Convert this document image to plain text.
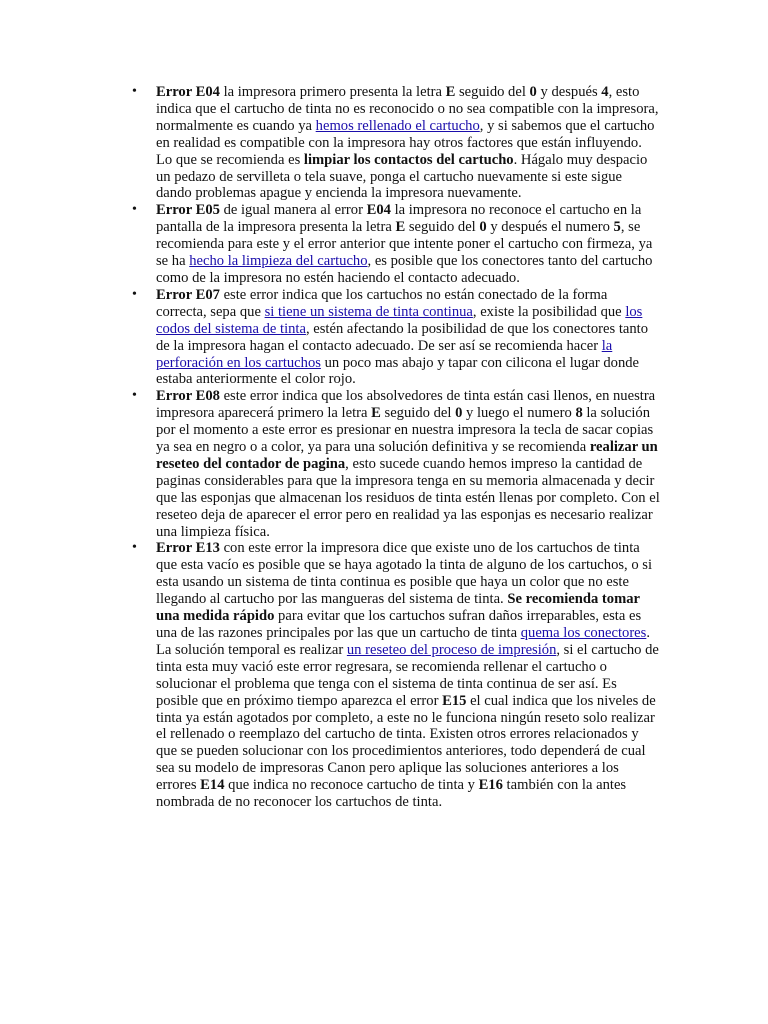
• Error E04 la impresora primero presenta la letra E seguido del 0 y después 4, esto indica que el cartucho de tinta no es reconocido o no sea compatible con la impresora, normalmente es cuando ya hemos rellenado el cartucho, y si sabemos que el cartucho en realidad es compatible con la impresora hay otros factores que están influyendo. Lo que se recomienda es limpiar los contactos del cartucho. Hágalo muy despacio un pedazo de servilleta o tela suave, ponga el cartucho nuevamente si este sigue dando problemas apague y encienda la impresora nuevamente.
• Error E05 de igual manera al error E04 la impresora no reconoce el cartucho en la pantalla de la impresora presenta la letra E seguido del 0 y después el numero 5, se recomienda para este y el error anterior que intente poner el cartucho con firmeza, ya se ha hecho la limpieza del cartucho, es posible que los conectores tanto del cartucho como de la impresora no estén haciendo el contacto adecuado.
• Error E07 este error indica que los cartuchos no están conectado de la forma correcta, sepa que si tiene un sistema de tinta continua, existe la posibilidad que los codos del sistema de tinta, estén afectando la posibilidad de que los conectores tanto de la impresora hagan el contacto adecuado. De ser así se recomienda hacer la perforación en los cartuchos un poco mas abajo y tapar con cilicona el lugar donde estaba anteriormente el color rojo.
• Error E08 este error indica que los absolvedores de tinta están casi llenos, en nuestra impresora aparecerá primero la letra E seguido del 0 y luego el numero 8 la solución por el momento a este error es presionar en nuestra impresora la tecla de sacar copias ya sea en negro o a color, ya para una solución definitiva y se recomienda realizar un reseteo del contador de pagina, esto sucede cuando hemos impreso la cantidad de paginas considerables para que la impresora tenga en su memoria almacenada y decir que las esponjas que almacenan los residuos de tinta estén llenas por completo. Con el reseteo deja de aparecer el error pero en realidad ya las esponjas es necesario realizar una limpieza física.
• Error E13 con este error la impresora dice que existe uno de los cartuchos de tinta que esta vacío es posible que se haya agotado la tinta de alguno de los cartuchos, o si esta usando un sistema de tinta continua es posible que haya un color que no este llegando al cartucho por las mangueras del sistema de tinta. Se recomienda tomar una medida rápido para evitar que los cartuchos sufran daños irreparables, esta es una de las razones principales por las que un cartucho de tinta quema los conectores. La solución temporal es realizar un reseteo del proceso de impresión, si el cartucho de tinta esta muy vació este error regresara, se recomienda rellenar el cartucho o solucionar el problema que tenga con el sistema de tinta continua de ser así. Es posible que en próximo tiempo aparezca el error E15 el cual indica que los niveles de tinta ya están agotados por completo, a este no le funciona ningún reseto solo realizar el rellenado o reemplazo del cartucho de tinta. Existen otros errores relacionados y que se pueden solucionar con los procedimientos anteriores, todo dependerá de cual sea su modelo de impresoras Canon pero aplique las soluciones anteriores a los errores E14 que indica no reconoce cartucho de tinta y E16 también con la antes nombrada de no reconocer los cartuchos de tinta.
